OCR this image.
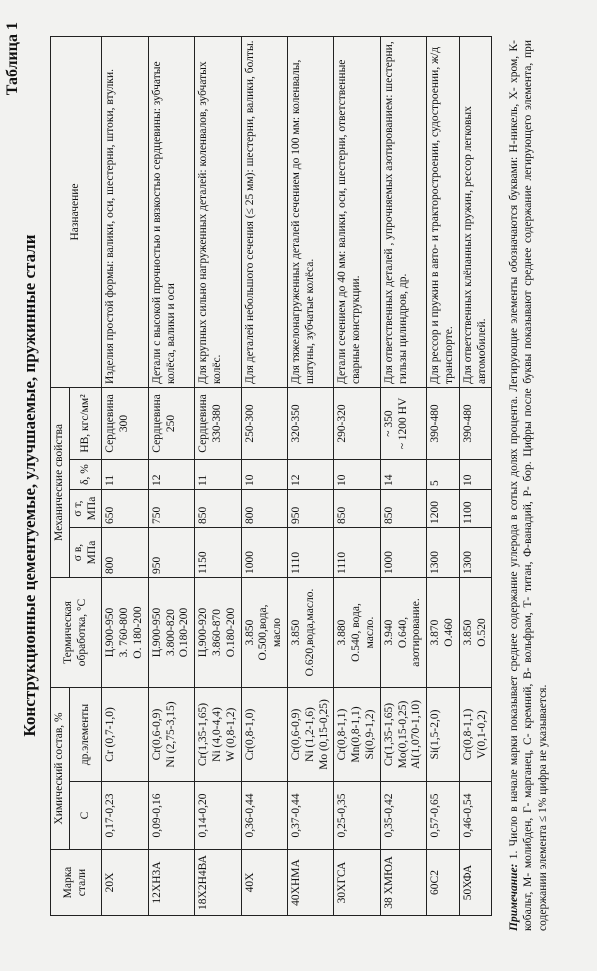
Таблица 1
Конструкционные цементуемые, улучшаемые, пружинные стали
Марка стали	Химический состав, %		Термическая обработка, °С	Механические свойства				Назначение
	C	др.элементы		σ в, МПа	σ т, МПа	δ, %	HB, кгс/мм²	
20Х	0,17-0,23	Cr (0,7-1,0)	Ц.900-950 З. 760-800 О. 180-200	800	650	11	Сердцевина 300	Изделия простой формы: валики, оси, шестерни, штоки, втулки.
12ХН3А	0,09-0,16	Cr(0,6-0,9) Ni (2,75-3,15)	Ц.900-950 З.800-820 О.180-200	950	750	12	Сердцевина 250	Детали с высокой прочностью и вязкостью сердцевины: зубчатые колёса, валики и оси
18Х2Н4ВА	0,14-0,20	Cr(1,35-1,65) Ni (4,0-4,4) W (0,8-1,2)	Ц.900-920 З.860-870 О.180-200	1150	850	11	Сердцевина 330-380	Для крупных сильно нагруженных деталей: коленвалов, зубчатых колёс.
40Х	0,36-0,44	Cr(0,8-1,0)	З.850 О.500,вода, масло	1000	800	10	250-300	Для деталей небольшого сечения (≤ 25 мм): шестерни, валики, болты.
40ХНМА	0,37-0,44	Cr(0,6-0,9) Ni (1,2-1,6) Mo (0,15-0,25)	З.850 О.620,вода,масло.	1110	950	12	320-350	Для тяжелонагруженных деталей сечением до 100 мм: коленвалы, шатуны, зубчатые колёса.
30ХГСА	0,25-0,35	Cr(0,8-1,1) Mn(0,8-1,1) Si(0,9-1,2)	З.880 О.540, вода, масло.	1110	850	10	290-320	Детали сечением до 40 мм: валики, оси, шестерни, ответственные сварные конструкции.
38 ХМЮА	0,35-0,42	Cr(1,35-1,65) Mo(0,15-0,25) Al(1,070-1,10)	З.940 О.640, азотирование.	1000	850	14	~ 350 ~ 1200 HV	Для ответственных деталей , упрочняемых азотированием: шестерни, гильзы цилиндров, др.
60С2	0,57-0,65	Si(1,5-2,0)	З.870 О.460	1300	1200	5	390-480	Для рессор и пружин в авто- и тракторостроении, судостроении, ж/д транспорте.
50ХФА	0,46-0,54	Cr(0,8-1,1) V(0,1-0,2)	З.850 О.520	1300	1100	10	390-480	Для ответственных клёпанных пружин, рессор легковых автомобилей.
Примечание: 1. Число в начале марки показывает среднее содержание углерода в сотых долях процента. Легирующие элементы обозначаются буквами: Н-никель, Х- хром, К- кобальт, М- молибден, Г- марганец, С- кремний, В- вольфрам, Т- титан, Ф-ванадий, Р- бор. Цифры после буквы показывают среднее содержание легирующего элемента, при содержании элемента ≤ 1% цифра не указывается.
